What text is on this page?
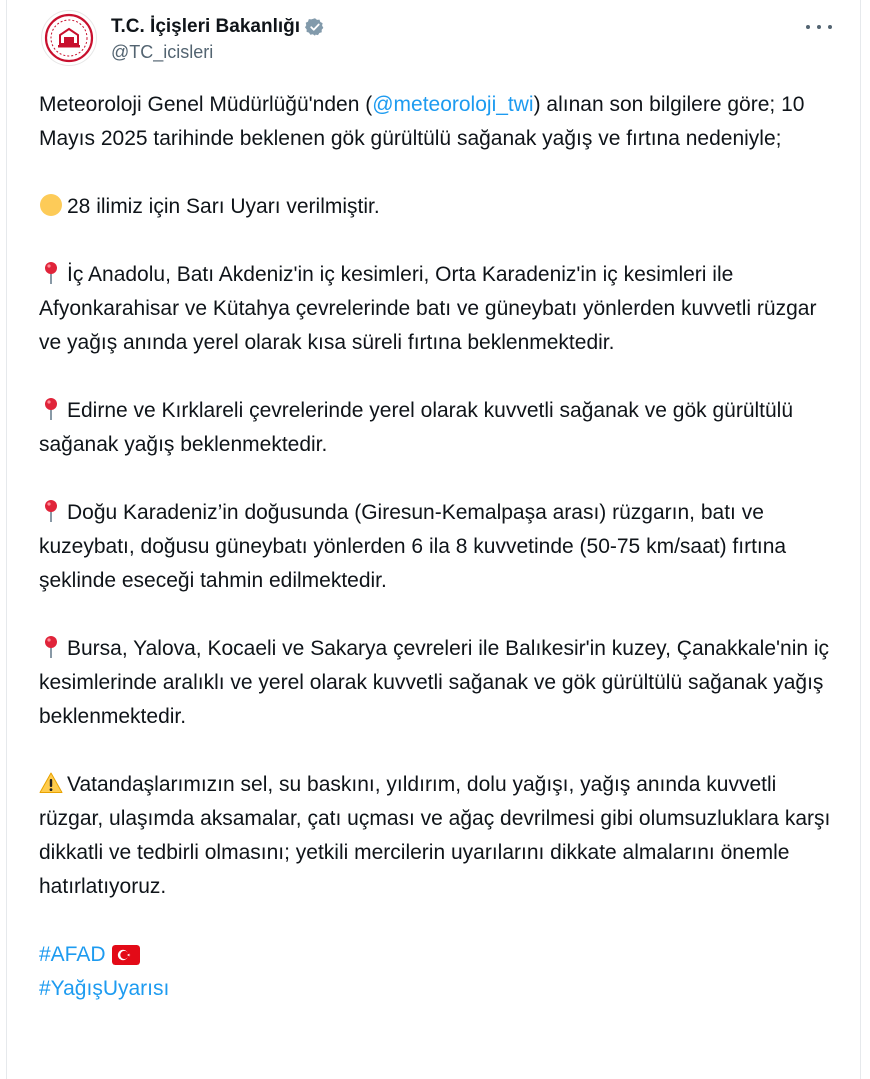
T.C. İçişleri Bakanlığı
@TC_icisleri

Meteoroloji Genel Müdürlüğü'nden (@meteoroloji_twi) alınan son bilgilere göre; 10 Mayıs 2025 tarihinde beklenen gök gürültülü sağanak yağış ve fırtına nedeniyle;

28 ilimiz için Sarı Uyarı verilmiştir.

İç Anadolu, Batı Akdeniz'in iç kesimleri, Orta Karadeniz'in iç kesimleri ile Afyonkarahisar ve Kütahya çevrelerinde batı ve güneybatı yönlerden kuvvetli rüzgar ve yağış anında yerel olarak kısa süreli fırtına beklenmektedir.

Edirne ve Kırklareli çevrelerinde yerel olarak kuvvetli sağanak ve gök gürültülü sağanak yağış beklenmektedir.

Doğu Karadeniz’in doğusunda (Giresun-Kemalpaşa arası) rüzgarın, batı ve kuzeybatı, doğusu güneybatı yönlerden 6 ila 8 kuvvetinde (50-75 km/saat) fırtına şeklinde eseceği tahmin edilmektedir.

Bursa, Yalova, Kocaeli ve Sakarya çevreleri ile Balıkesir'in kuzey, Çanakkale'nin iç kesimlerinde aralıklı ve yerel olarak kuvvetli sağanak ve gök gürültülü sağanak yağış beklenmektedir.

Vatandaşlarımızın sel, su baskını, yıldırım, dolu yağışı, yağış anında kuvvetli rüzgar, ulaşımda aksamalar, çatı uçması ve ağaç devrilmesi gibi olumsuzluklara karşı dikkatli ve tedbirli olmasını; yetkili mercilerin uyarılarını dikkate almalarını önemle hatırlatıyoruz.

#AFAD

#YağışUyarısı
